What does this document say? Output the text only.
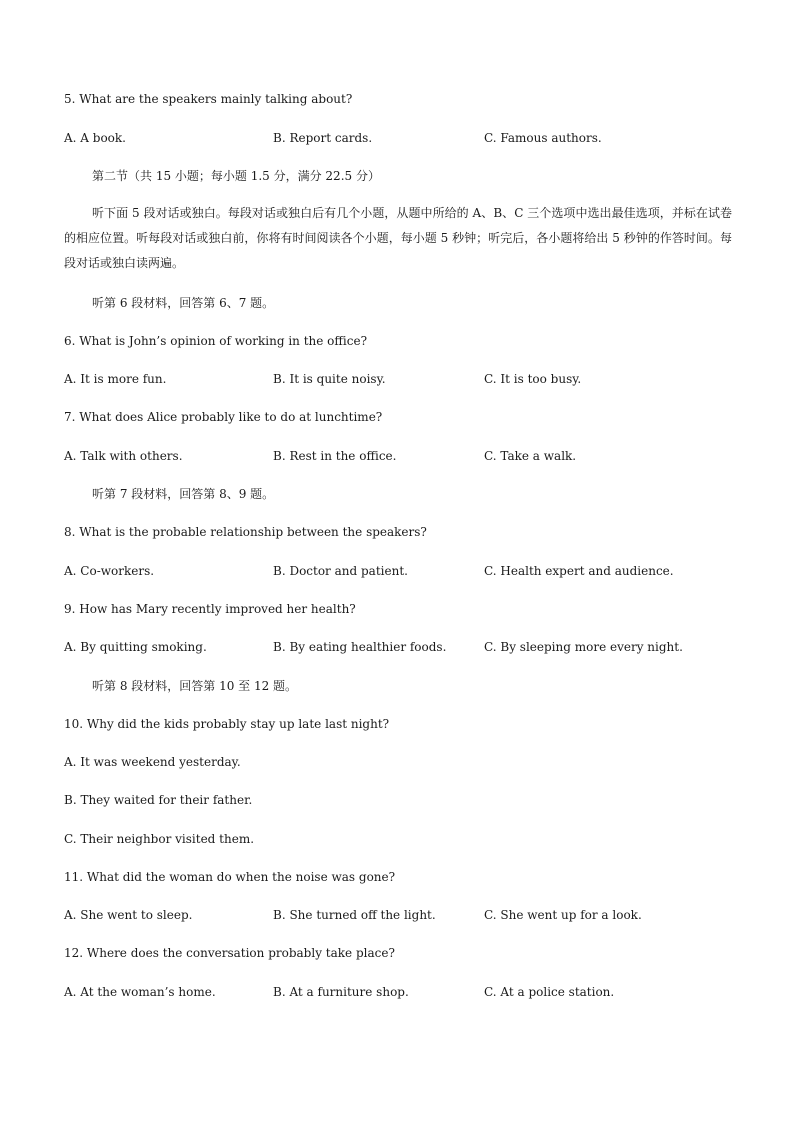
5. What are the speakers mainly talking about?
A. A book.	B. Report cards.	C. Famous authors.
第二节（共 15 小题；每小题 1.5 分，满分 22.5 分）
听下面 5 段对话或独白。每段对话或独白后有几个小题，从题中所给的 A、B、C 三个选项中选出最佳选项，并标在试卷的相应位置。听每段对话或独白前，你将有时间阅读各个小题，每小题 5 秒钟；听完后，各小题将给出 5 秒钟的作答时间。每段对话或独白读两遍。
听第 6 段材料，回答第 6、7 题。
6. What is John’s opinion of working in the office?
A. It is more fun.	B. It is quite noisy.	C. It is too busy.
7. What does Alice probably like to do at lunchtime?
A. Talk with others.	B. Rest in the office.	C. Take a walk.
听第 7 段材料，回答第 8、9 题。
8. What is the probable relationship between the speakers?
A. Co-workers.	B. Doctor and patient.	C. Health expert and audience.
9. How has Mary recently improved her health?
A. By quitting smoking.	B. By eating healthier foods.	C. By sleeping more every night.
听第 8 段材料，回答第 10 至 12 题。
10. Why did the kids probably stay up late last night?
A. It was weekend yesterday.
B. They waited for their father.
C. Their neighbor visited them.
11. What did the woman do when the noise was gone?
A. She went to sleep.	B. She turned off the light.	C. She went up for a look.
12. Where does the conversation probably take place?
A. At the woman’s home.	B. At a furniture shop.	C. At a police station.
